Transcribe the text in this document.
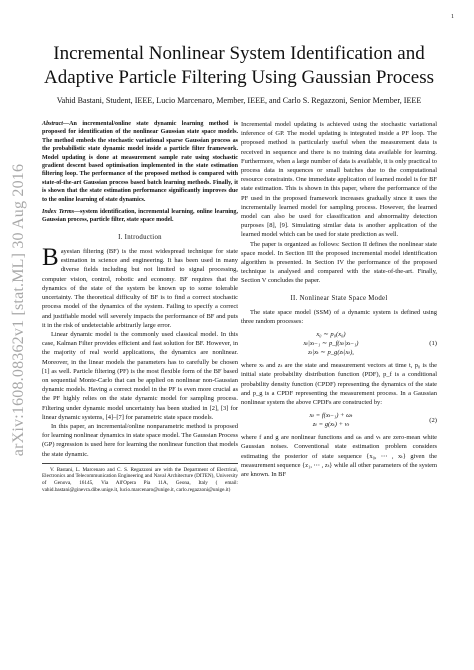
1
arXiv:1608.08362v1 [stat.ML] 30 Aug 2016
Incremental Nonlinear System Identification and Adaptive Particle Filtering Using Gaussian Process
Vahid Bastani, Student, IEEE, Lucio Marcenaro, Member, IEEE, and Carlo S. Regazzoni, Senior Member, IEEE
Abstract—An incremental/online state dynamic learning method is proposed for identification of the nonlinear Gaussian state space models. The method embeds the stochastic variational sparse Gaussian process as the probabilistic state dynamic model inside a particle filter framework. Model updating is done at measurement sample rate using stochastic gradient descent based optimisation implemented in the state estimation filtering loop. The performance of the proposed method is compared with state-of-the-art Gaussian process based batch learning methods. Finally, it is shown that the state estimation performance significantly improves due to the online learning of state dynamics.
Index Terms—system identification, incremental learning, online learning, Gaussian process, particle filter, state space model.
I. Introduction

Bayesian filtering (BF) is the most widespread technique for state estimation in science and engineering. It has been used in many diverse fields including but not limited to signal processing, computer vision, control, robotic and economy. BF requires that the dynamics of the state of the system be known up to some tolerable uncertainty. The theoretical difficulty of BF is to find a correct stochastic process model of the dynamics of the system. Failing to specify a correct and justifiable model will severely impacts the performance of BF and puts it in the risk of undetectable arbitrarily large error.

Linear dynamic model is the commonly used classical model. In this case, Kalman Filter provides efficient and fast solution for BF. However, in the majority of real world applications, the dynamics are nonlinear. Moreover, in the linear models the parameters has to carefully be chosen [1] as well. Particle filtering (PF) is the most flexible form of the BF based on sequential Monte-Carlo that can be applied on nonlinear non-Gaussian dynamic models. Having a correct model in the PF is even more crucial as the PF highly relies on the state dynamic model for sampling process. Filtering under dynamic model uncertainty has been studied in [2], [3] for linear dynamic systems, [4]–[7] for parametric state space models.

In this paper, an incremental/online nonparametric method is proposed for learning nonlinear dynamics in state space model. The Gaussian Process (GP) regression is used here for learning the nonlinear function that models the state dynamic.

V. Bastani, L. Marcenaro and C. S. Regazzoni are with the Department of Electrical, Electronics and Telecommunication Engineering and Naval Architecture (DITEN), University of Genova, 16145, Via All'Opera Pia 11A, Geona, Italy ( email: vahid.bastani@ginevra.dibe.unige.it, lucio.marcenaro@unige.it, carlo.regazzoni@unige.it)

Incremental model updating is achieved using the stochastic variational inference of GP. The model updating is integrated inside a PF loop. The proposed method is particularly useful when the measurement data is received in sequence and there is no training data available for learning. Furthermore, when a large number of data is available, it is only practical to process data in sequences or small batches due to the computational resource constraints. One immediate application of learned model is for BF state estimation. This is shown in this paper, where the performance of the PF used in the proposed framework increases gradually since it uses the incrementally learned model for sampling process. However, the learned model can also be used for classification and abnormality detection purposes [8], [9]. Simulating similar data is another application of the learned model which can be used for state prediction as well.

The paper is organized as follows: Section II defines the nonlinear state space model. In Section III the proposed incremental model identification algorithm is presented. In Section IV the performance of the proposed technique is analysed and compared with the state-of-the-art. Finally, Section V concludes the paper.

II. Nonlinear State Space Model

The state space model (SSM) of a dynamic system is defined using three random processes:

x₀ ∼ p₀(x₀)
xₜ|xₜ₋₁ ∼ p_f(xₜ|xₜ₋₁)
zₜ|xₜ ∼ p_g(zₜ|xₜ),
(1)

where xₜ and zₜ are the state and measurement vectors at time t, p₀ is the initial state probability distribution function (PDF), p_f is a conditional probability density function (CPDF) representing the dynamics of the state and p_g is a CPDF representing the measurement process. In a Gaussian nonlinear system the above CPDFs are constructed by:

xₜ = f(xₜ₋₁) + ωₜ
zₜ = g(xₜ) + νₜ
(2)

where f and g are nonlinear functions and ωₜ and νₜ are zero-mean white Gaussian noises. Conventional state estimation problem considers estimating the posterior of state sequence {x₀, ⋯ , xₜ} given the measurement sequence {z₁, ⋯ , zₜ} while all other parameters of the system are known. In BF
